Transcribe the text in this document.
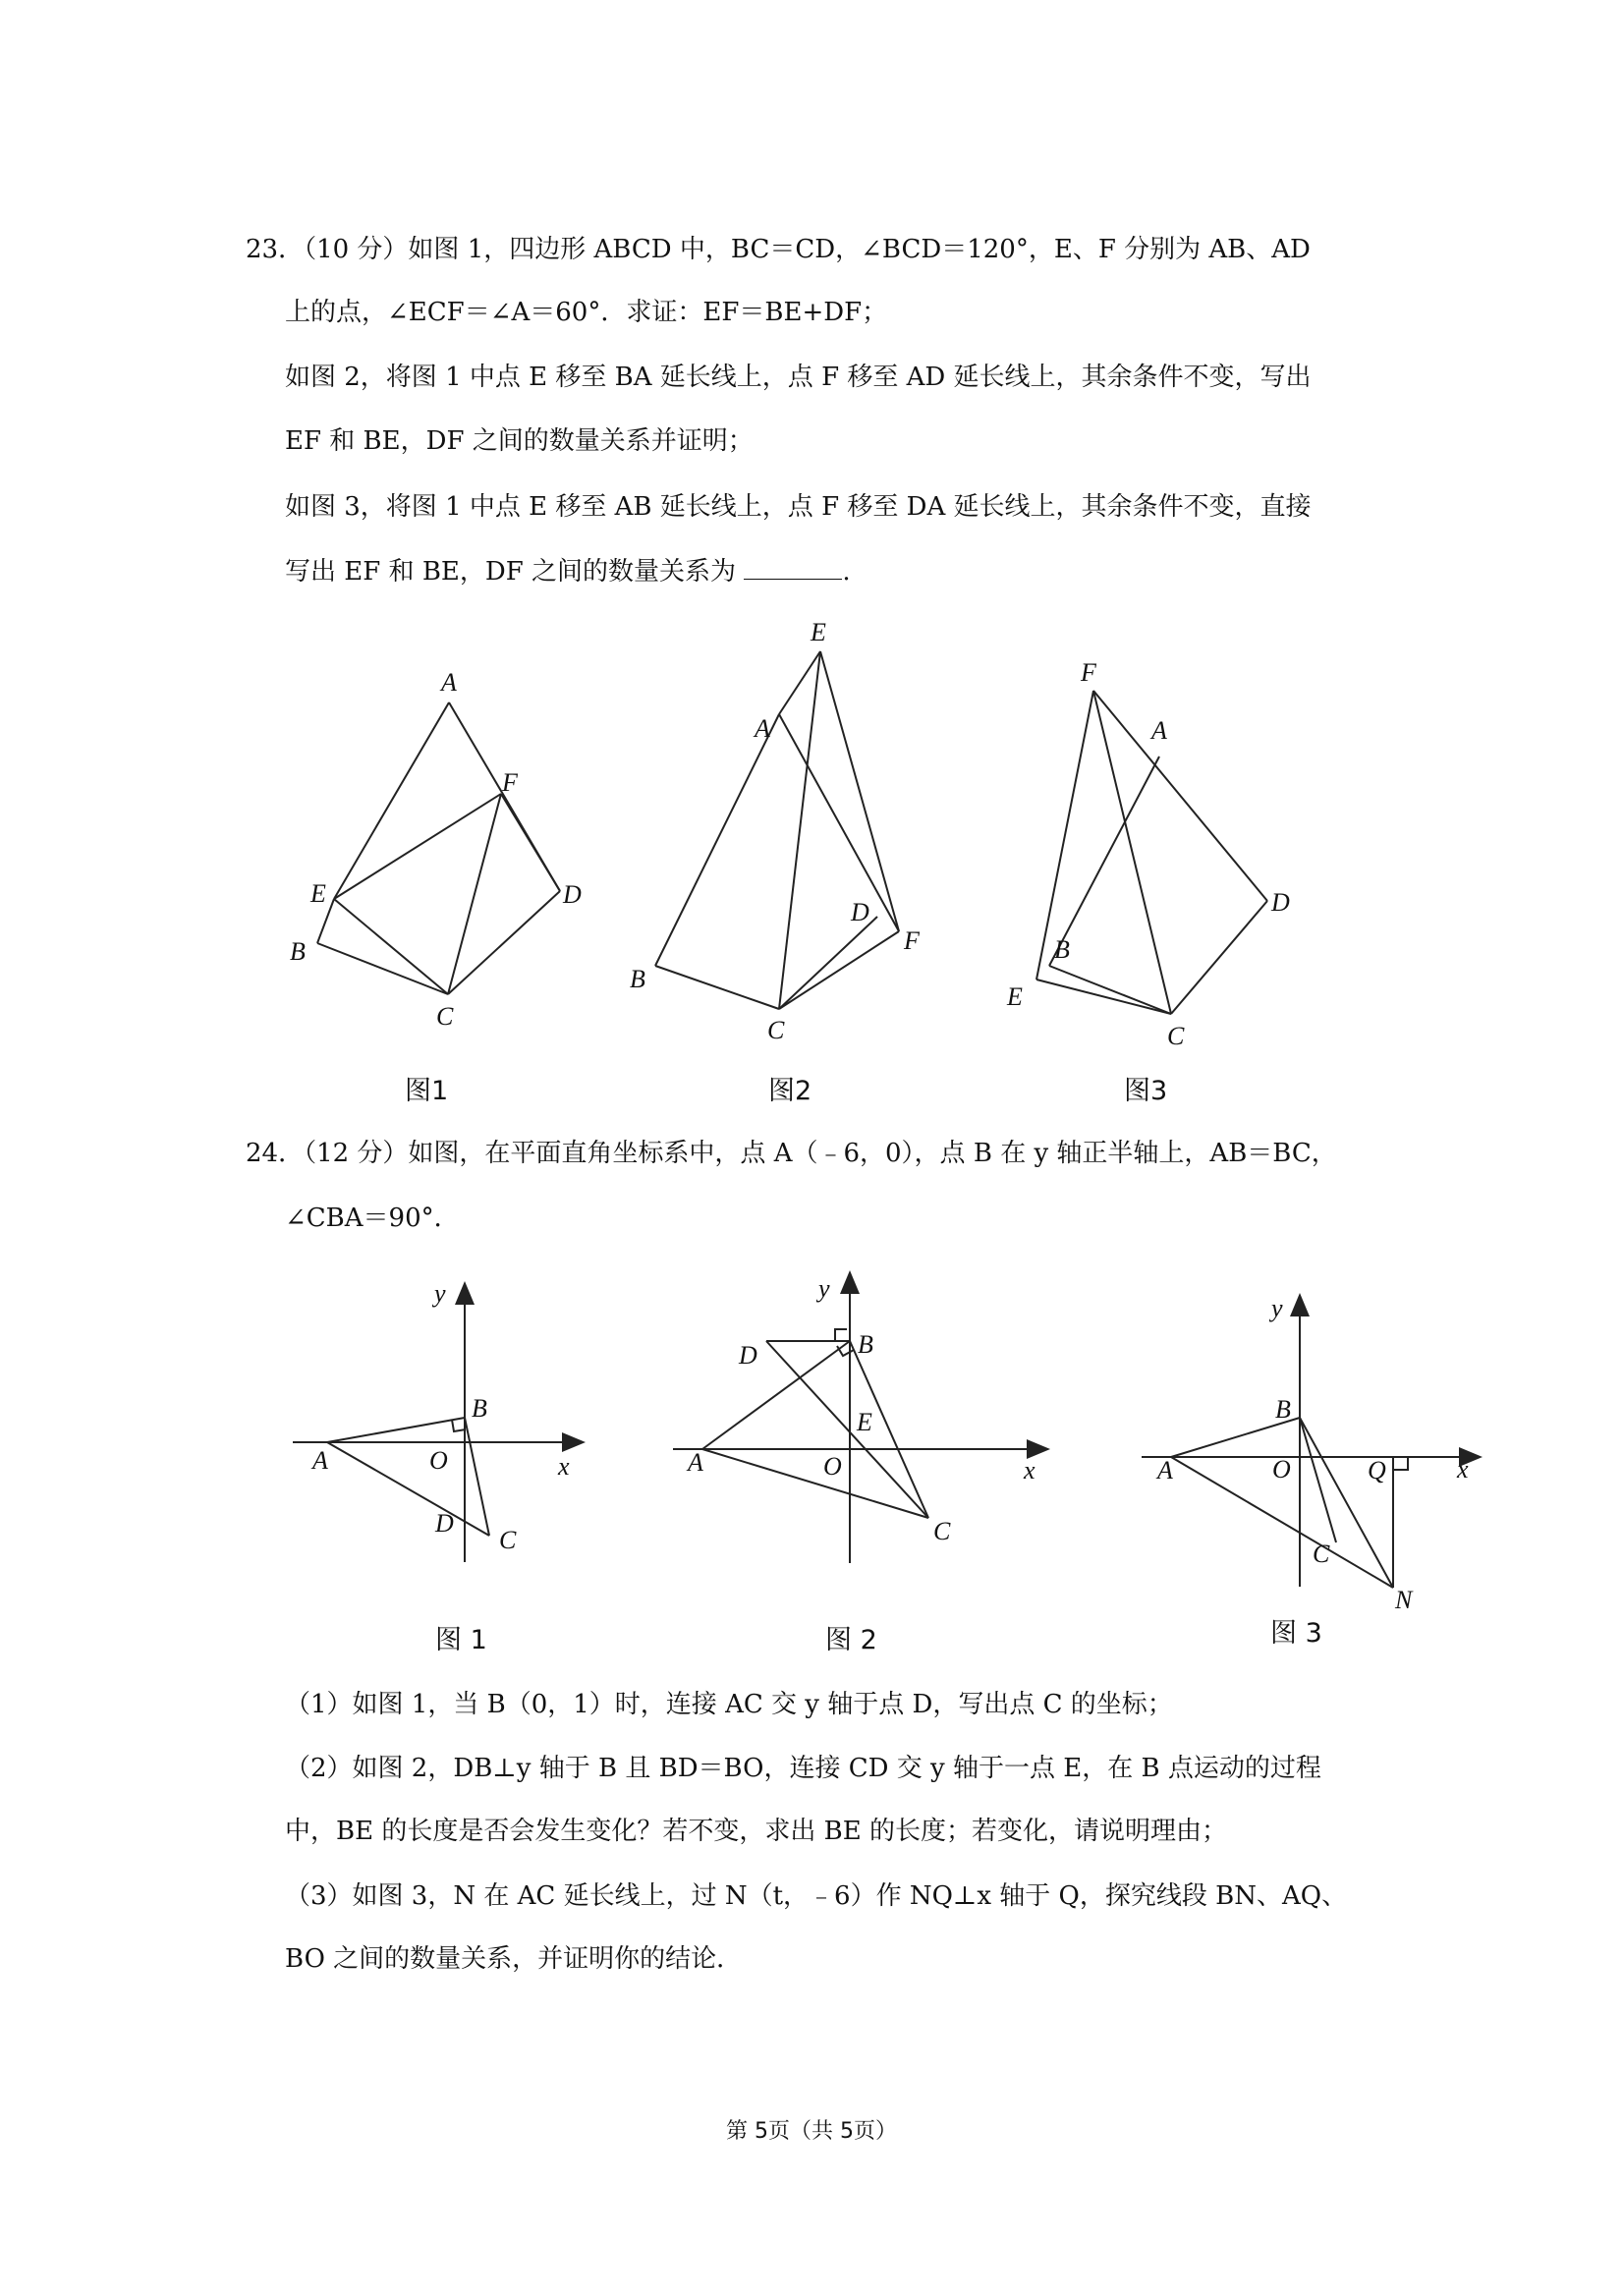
23．（10 分）如图 1，四边形 ABCD 中，BC＝CD，∠BCD＝120°，E、F 分别为 AB、AD
上的点，∠ECF＝∠A＝60°．求证：EF＝BE+DF；
如图 2，将图 1 中点 E 移至 BA 延长线上，点 F 移至 AD 延长线上，其余条件不变，写出
EF 和 BE，DF 之间的数量关系并证明；
如图 3，将图 1 中点 E 移至 AB 延长线上，点 F 移至 DA 延长线上，其余条件不变，直接
写出 EF 和 BE，DF 之间的数量关系为	.
A
F
E	D
B
C
图1
E
A
D
F
B
C
图2
F
A
D
B
E
C
图3
24．（12 分）如图，在平面直角坐标系中，点 A（﹣6，0），点 B 在 y 轴正半轴上，AB＝BC，
∠CBA＝90°．
y
B
A	O	x
D
C
图 1
y
D	B
E
A	O	x
C
图 2
y
B
A	O	Q	x
C
N
图 3
（1）如图 1，当 B（0，1）时，连接 AC 交 y 轴于点 D，写出点 C 的坐标；
（2）如图 2，DB⊥y 轴于 B 且 BD＝BO，连接 CD 交 y 轴于一点 E，在 B 点运动的过程
中，BE 的长度是否会发生变化？若不变，求出 BE 的长度；若变化，请说明理由；
（3）如图 3，N 在 AC 延长线上，过 N（t，﹣6）作 NQ⊥x 轴于 Q，探究线段 BN、AQ、
BO 之间的数量关系，并证明你的结论．
第 5页（共 5页）
